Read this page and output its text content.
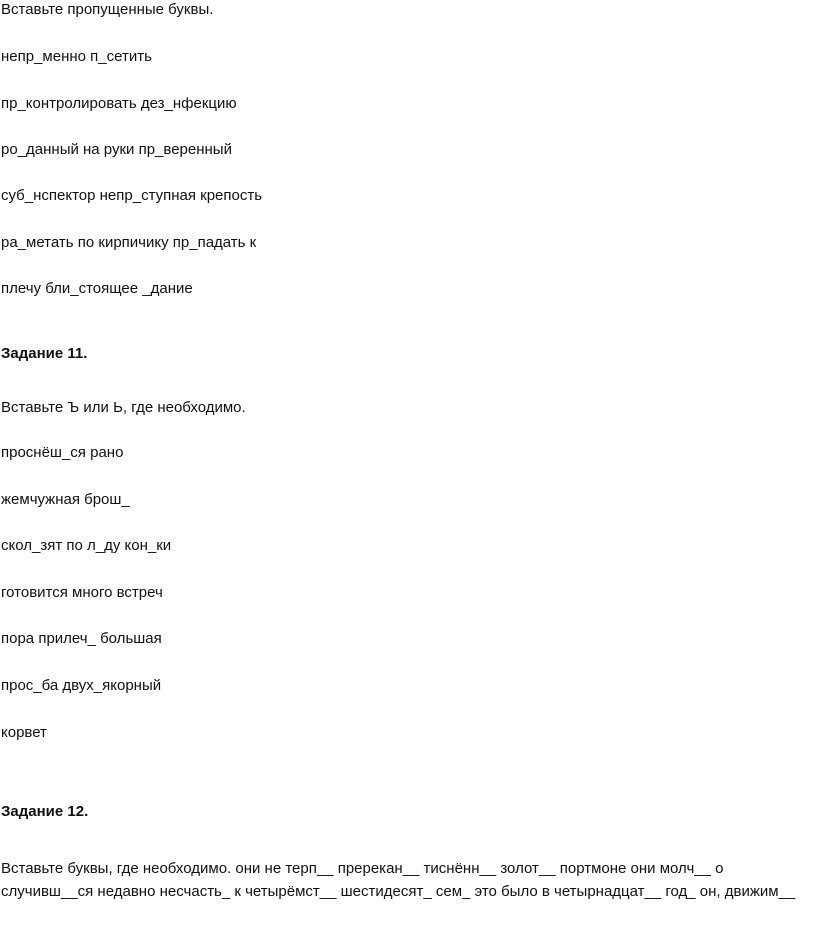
Вставьте пропущенные буквы.
непр_менно п_сетить
пр_контролировать дез_нфекцию
ро_данный на руки пр_веренный
суб_нспектор непр_ступная крепость
ра_метать по кирпичику пр_падать к
плечу бли_стоящее _дание
Задание 11.
Вставьте Ъ или Ь, где необходимо.
проснёш_ся рано
жемчужная брош_
скол_зят по л_ду кон_ки
готовится много встреч
пора прилеч_ большая
прос_ба двух_якорный
корвет
Задание 12.
Вставьте буквы, где необходимо. они не терп__ пререкан__ тиснённ__ золот__ портмоне они молч__ о случивш__ся недавно несчасть_ к четырёмст__ шестидесят_ сем_ это было в четырнадцат__ год_ он, движим__
